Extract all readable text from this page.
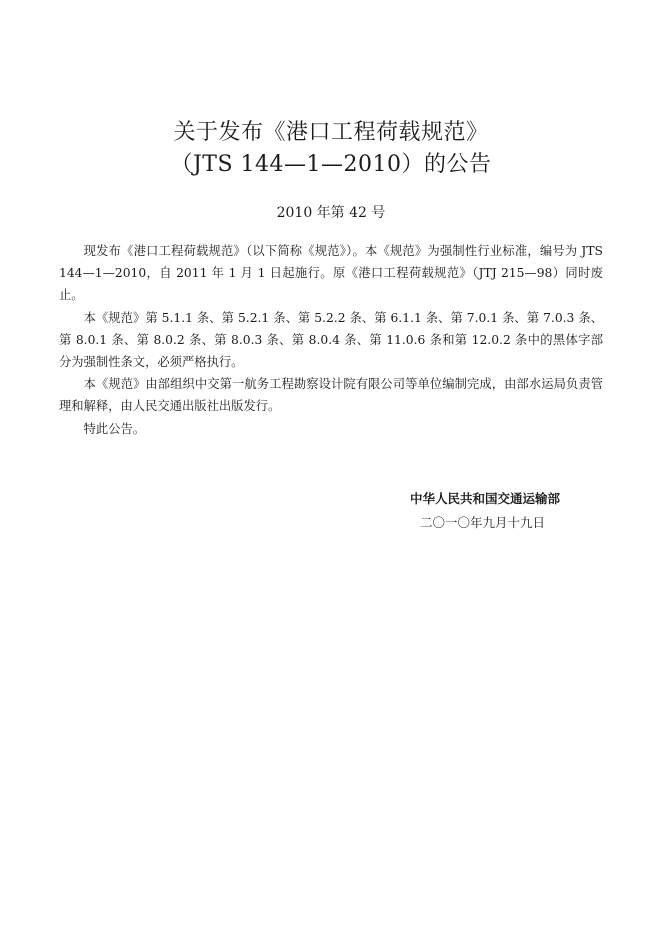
关于发布《港口工程荷载规范》
（JTS 144—1—2010）的公告
2010 年第 42 号

现发布《港口工程荷载规范》（以下简称《规范》）。本《规范》为强制性行业标准，编号为 JTS 144—1—2010，自 2011 年 1 月 1 日起施行。原《港口工程荷载规范》（JTJ 215—98）同时废止。

本《规范》第 5.1.1 条、第 5.2.1 条、第 5.2.2 条、第 6.1.1 条、第 7.0.1 条、第 7.0.3 条、第 8.0.1 条、第 8.0.2 条、第 8.0.3 条、第 8.0.4 条、第 11.0.6 条和第 12.0.2 条中的黑体字部分为强制性条文，必须严格执行。

本《规范》由部组织中交第一航务工程勘察设计院有限公司等单位编制完成，由部水运局负责管理和解释，由人民交通出版社出版发行。

特此公告。

中华人民共和国交通运输部
二〇一〇年九月十九日
